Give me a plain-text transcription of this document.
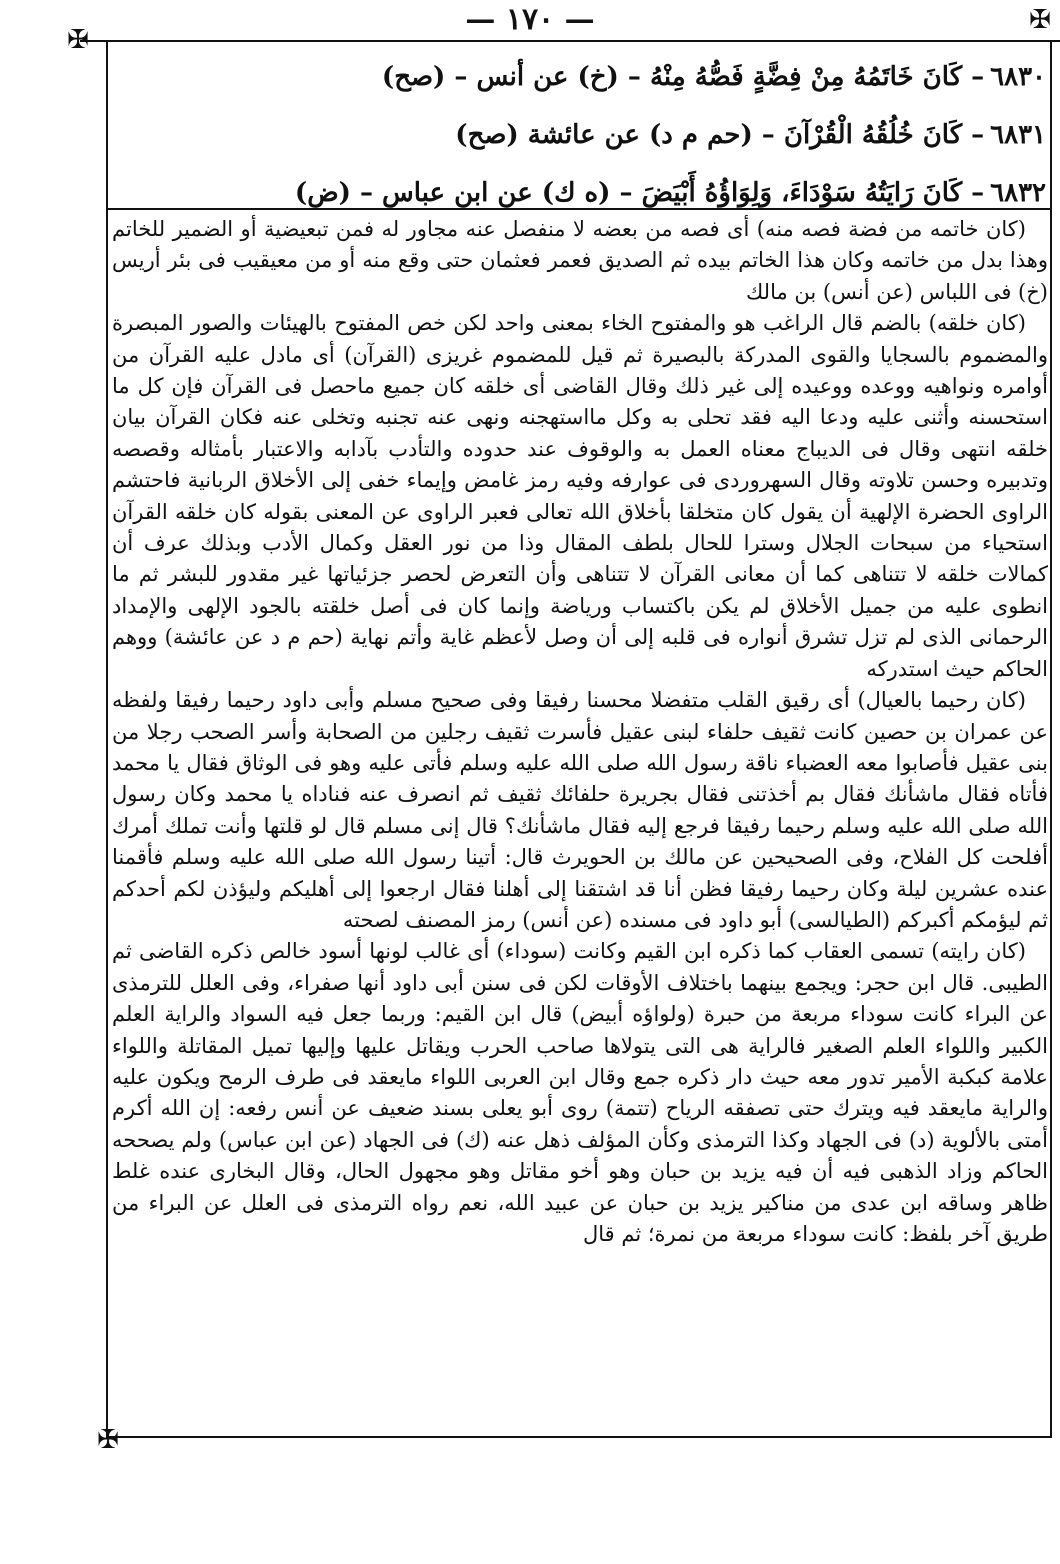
— ١٧٠ —
✠
✠
✠
٦٨٣٠– كَانَ خَاتَمُهُ مِنْ فِضَّةٍ فَصُّهُ مِنْهُ – (خ) عن أنس – (صح)
٦٨٣١– كَانَ خُلُقُهُ الْقُرْآنَ – (حم م د) عن عائشة (صح)
٦٨٣٢– كَانَ رَايَتُهُ سَوْدَاءَ، وَلِوَاؤُهُ أَبْيَضَ – (ه ك) عن ابن عباس – (ض)

(كان خاتمه من فضة فصه منه) أى فصه من بعضه لا منفصل عنه مجاور له فمن تبعيضية أو الضمير للخاتم وهذا بدل من خاتمه وكان هذا الخاتم بيده ثم الصديق فعمر فعثمان حتى وقع منه أو من معيقيب فى بئر أريس (خ) فى اللباس (عن أنس) بن مالك

(كان خلقه) بالضم قال الراغب هو والمفتوح الخاء بمعنى واحد لكن خص المفتوح بالهيئات والصور المبصرة والمضموم بالسجايا والقوى المدركة بالبصيرة ثم قيل للمضموم غريزى (القرآن) أى مادل عليه القرآن من أوامره ونواهيه ووعده ووعيده إلى غير ذلك وقال القاضى أى خلقه كان جميع ماحصل فى القرآن فإن كل ما استحسنه وأثنى عليه ودعا اليه فقد تحلى به وكل مااستهجنه ونهى عنه تجنبه وتخلى عنه فكان القرآن بيان خلقه انتهى وقال فى الديباج معناه العمل به والوقوف عند حدوده والتأدب بآدابه والاعتبار بأمثاله وقصصه وتدبيره وحسن تلاوته وقال السهروردى فى عوارفه وفيه رمز غامض وإيماء خفى إلى الأخلاق الربانية فاحتشم الراوى الحضرة الإلهية أن يقول كان متخلقا بأخلاق الله تعالى فعبر الراوى عن المعنى بقوله كان خلقه القرآن استحياء من سبحات الجلال وسترا للحال بلطف المقال وذا من نور العقل وكمال الأدب وبذلك عرف أن كمالات خلقه لا تتناهى كما أن معانى القرآن لا تتناهى وأن التعرض لحصر جزئياتها غير مقدور للبشر ثم ما انطوى عليه من جميل الأخلاق لم يكن باكتساب ورياضة وإنما كان فى أصل خلقته بالجود الإلهى والإمداد الرحمانى الذى لم تزل تشرق أنواره فى قلبه إلى أن وصل لأعظم غاية وأتم نهاية (حم م د عن عائشة) ووهم الحاكم حيث استدركه

(كان رحيما بالعيال) أى رقيق القلب متفضلا محسنا رفيقا وفى صحيح مسلم وأبى داود رحيما رفيقا ولفظه عن عمران بن حصين كانت ثقيف حلفاء لبنى عقيل فأسرت ثقيف رجلين من الصحابة وأسر الصحب رجلا من بنى عقيل فأصابوا معه العضباء ناقة رسول الله صلى الله عليه وسلم فأتى عليه وهو فى الوثاق فقال يا محمد فأتاه فقال ماشأنك فقال بم أخذتنى فقال بجريرة حلفائك ثقيف ثم انصرف عنه فناداه يا محمد وكان رسول الله صلى الله عليه وسلم رحيما رفيقا فرجع إليه فقال ماشأنك؟ قال إنى مسلم قال لو قلتها وأنت تملك أمرك أفلحت كل الفلاح، وفى الصحيحين عن مالك بن الحويرث قال: أتينا رسول الله صلى الله عليه وسلم فأقمنا عنده عشرين ليلة وكان رحيما رفيقا فظن أنا قد اشتقنا إلى أهلنا فقال ارجعوا إلى أهليكم وليؤذن لكم أحدكم ثم ليؤمكم أكبركم (الطيالسى) أبو داود فى مسنده (عن أنس) رمز المصنف لصحته

(كان رايته) تسمى العقاب كما ذكره ابن القيم وكانت (سوداء) أى غالب لونها أسود خالص ذكره القاضى ثم الطيبى. قال ابن حجر: ويجمع بينهما باختلاف الأوقات لكن فى سنن أبى داود أنها صفراء، وفى العلل للترمذى عن البراء كانت سوداء مربعة من حبرة (ولواؤه أبيض) قال ابن القيم: وربما جعل فيه السواد والراية العلم الكبير واللواء العلم الصغير فالراية هى التى يتولاها صاحب الحرب ويقاتل عليها وإليها تميل المقاتلة واللواء علامة كبكبة الأمير تدور معه حيث دار ذكره جمع وقال ابن العربى اللواء مايعقد فى طرف الرمح ويكون عليه والراية مايعقد فيه ويترك حتى تصفقه الرياح (تتمة) روى أبو يعلى بسند ضعيف عن أنس رفعه: إن الله أكرم أمتى بالألوية (د) فى الجهاد وكذا الترمذى وكأن المؤلف ذهل عنه (ك) فى الجهاد (عن ابن عباس) ولم يصححه الحاكم وزاد الذهبى فيه أن فيه يزيد بن حبان وهو أخو مقاتل وهو مجهول الحال، وقال البخارى عنده غلط ظاهر وساقه ابن عدى من مناكير يزيد بن حبان عن عبيد الله، نعم رواه الترمذى فى العلل عن البراء من طريق آخر بلفظ: كانت سوداء مربعة من نمرة؛ ثم قال
